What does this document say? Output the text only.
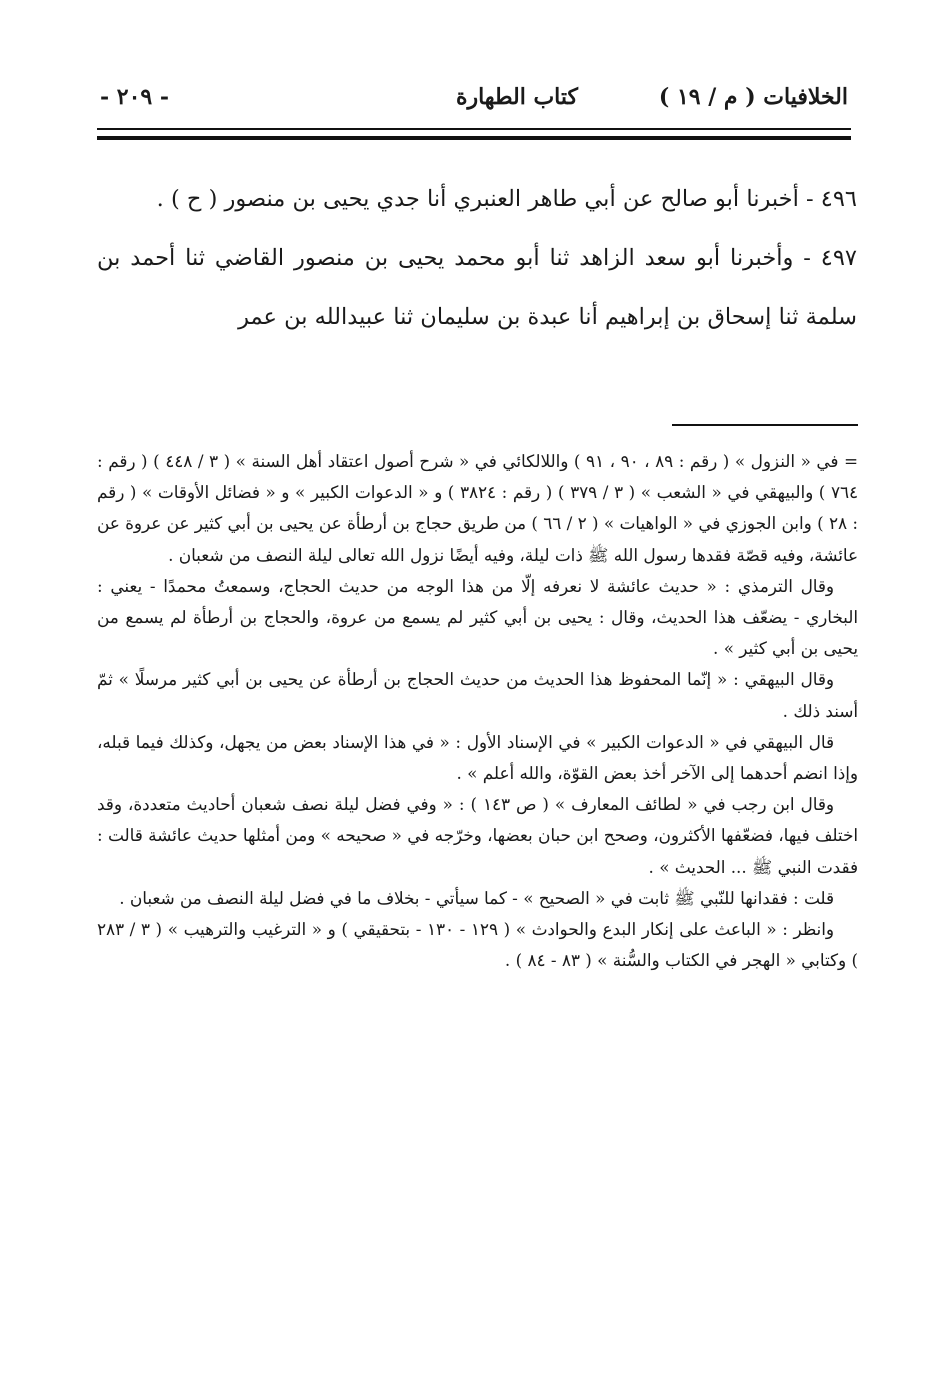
الخلافيات ( م / ١٩ )
كتاب الطهارة
- ٢٠٩ -

٤٩٦ - أخبرنا أبو صالح عن أبي طاهر العنبري أنا جدي يحيى بن منصور ( ح ) .

٤٩٧ - وأخبرنا أبو سعد الزاهد ثنا أبو محمد يحيى بن منصور القاضي ثنا أحمد بن سلمة ثنا إسحاق بن إبراهيم أنا عبدة بن سليمان ثنا عبيدالله بن عمر

= في « النزول » ( رقم : ٨٩ ، ٩٠ ، ٩١ ) واللالكائي في « شرح أصول اعتقاد أهل السنة » ( ٣ / ٤٤٨ ) ( رقم : ٧٦٤ ) والبيهقي في « الشعب » ( ٣ / ٣٧٩ ) ( رقم : ٣٨٢٤ ) و « الدعوات الكبير » و « فضائل الأوقات » ( رقم : ٢٨ ) وابن الجوزي في « الواهيات » ( ٢ / ٦٦ ) من طريق حجاج بن أرطأة عن يحيى بن أبي كثير عن عروة عن عائشة، وفيه قصّة فقدها رسول الله ﷺ ذات ليلة، وفيه أيضًا نزول الله تعالى ليلة النصف من شعبان .

وقال الترمذي : « حديث عائشة لا نعرفه إلّا من هذا الوجه من حديث الحجاج، وسمعتُ محمدًا - يعني : البخاري - يضعّف هذا الحديث، وقال : يحيى بن أبي كثير لم يسمع من عروة، والحجاج بن أرطأة لم يسمع من يحيى بن أبي كثير » .

وقال البيهقي : « إنّما المحفوظ هذا الحديث من حديث الحجاج بن أرطأة عن يحيى بن أبي كثير مرسلًا » ثمّ أسند ذلك .

قال البيهقي في « الدعوات الكبير » في الإسناد الأول : « في هذا الإسناد بعض من يجهل، وكذلك فيما قبله، وإذا انضم أحدهما إلى الآخر أخذ بعض القوّة، والله أعلم » .

وقال ابن رجب في « لطائف المعارف » ( ص ١٤٣ ) : « وفي فضل ليلة نصف شعبان أحاديث متعددة، وقد اختلف فيها، فضعّفها الأكثرون، وصحح ابن حبان بعضها، وخرّجه في « صحيحه » ومن أمثلها حديث عائشة قالت : فقدت النبي ﷺ ... الحديث » .

قلت : فقدانها للنّبي ﷺ ثابت في « الصحيح » - كما سيأتي - بخلاف ما في فضل ليلة النصف من شعبان .

وانظر : « الباعث على إنكار البدع والحوادث » ( ١٢٩ - ١٣٠ - بتحقيقي ) و « الترغيب والترهيب » ( ٣ / ٢٨٣ ) وكتابي « الهجر في الكتاب والسُّنة » ( ٨٣ - ٨٤ ) .
